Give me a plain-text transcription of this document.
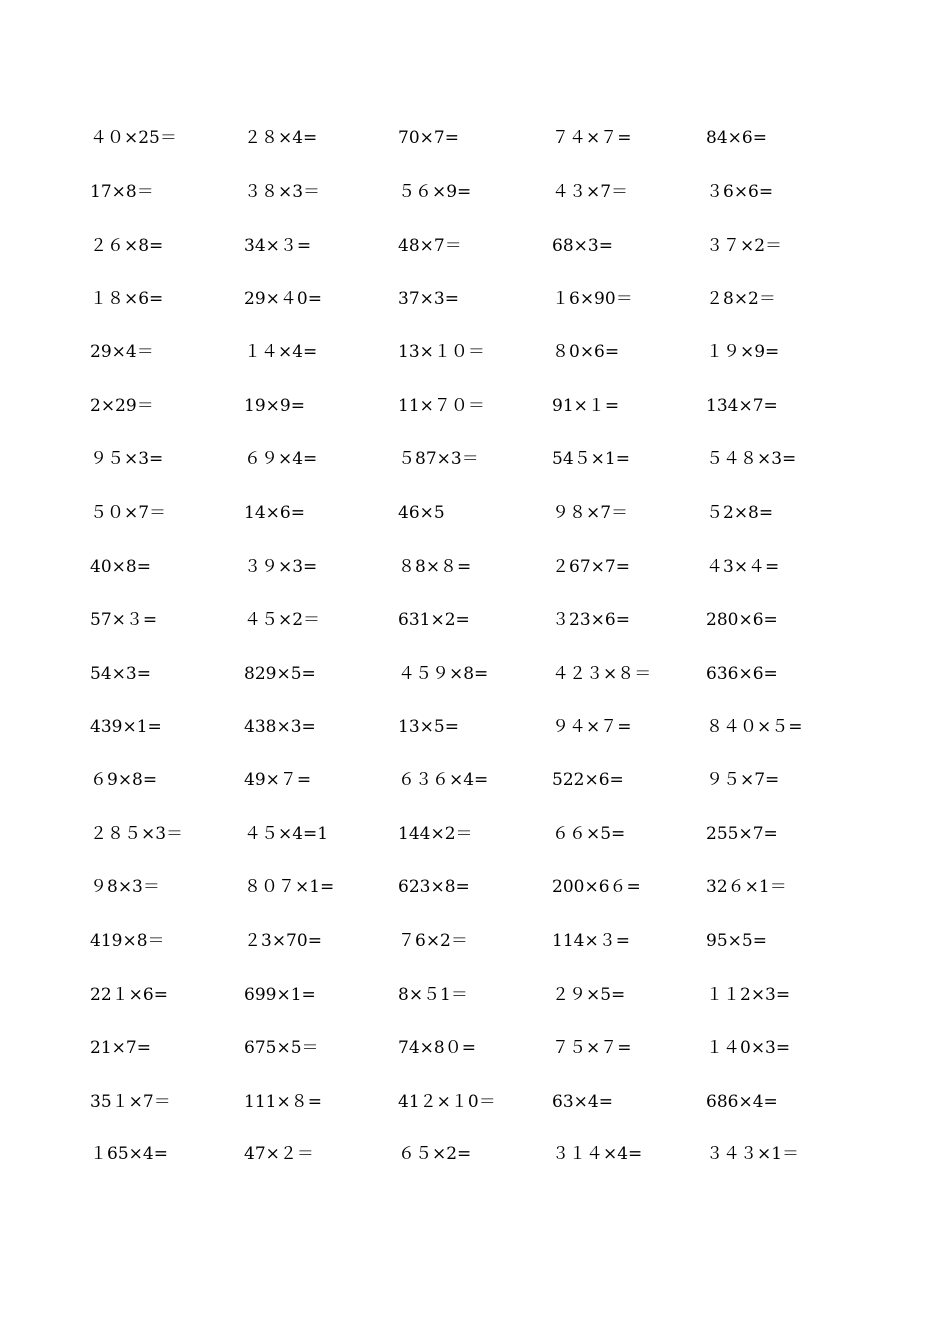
４０×25＝	２８×4=	70×7=	７４×７=	84×6=
17×8＝	３８×3＝	５６×9=	４３×7＝	３6×6=
２６×8=	34×３=	48×7＝	68×3=	３７×2＝
１８×6=	29×４0=	37×3=	１6×90＝	２8×2＝
29×4＝	１４×4=	13×１０＝	８0×6=	１９×9=
2×29＝	19×9=	11×７０＝	91×１=	134×7=
９５×3=	６９×4=	５87×3＝	54５×1=	５４８×3=
５０×7＝	14×6=	46×5	９８×7＝	５2×8=
40×8=	３９×3=	８8×８=	２67×7=	４3×４=
57×３=	４５×2＝	631×2=	３23×6=	280×6=
54×3=	829×5=	４５９×8=	４２３×８＝	636×6=
439×1=	438×3=	13×5=	９４×７=	８４０×５=
６9×8=	49×７=	６３６×4=	522×6=	９５×7=
２８５×3＝	４５×4=1	144×2＝	６６×5=	255×7=
９8×3＝	８０７×1=	623×8=	200×6６=	32６×1＝
419×8＝	２3×70=	７6×2＝	114×３=	95×5=
22１×6=	699×1=	8×５1＝	２９×5=	１１2×3=
21×7=	675×5＝	74×8０=	７５×７=	１４0×3=
35１×7＝	111×８=	41２×１0＝	63×4=	686×4=
１65×4=	47×２＝	６５×2=	３１４×4=	３４３×1＝
